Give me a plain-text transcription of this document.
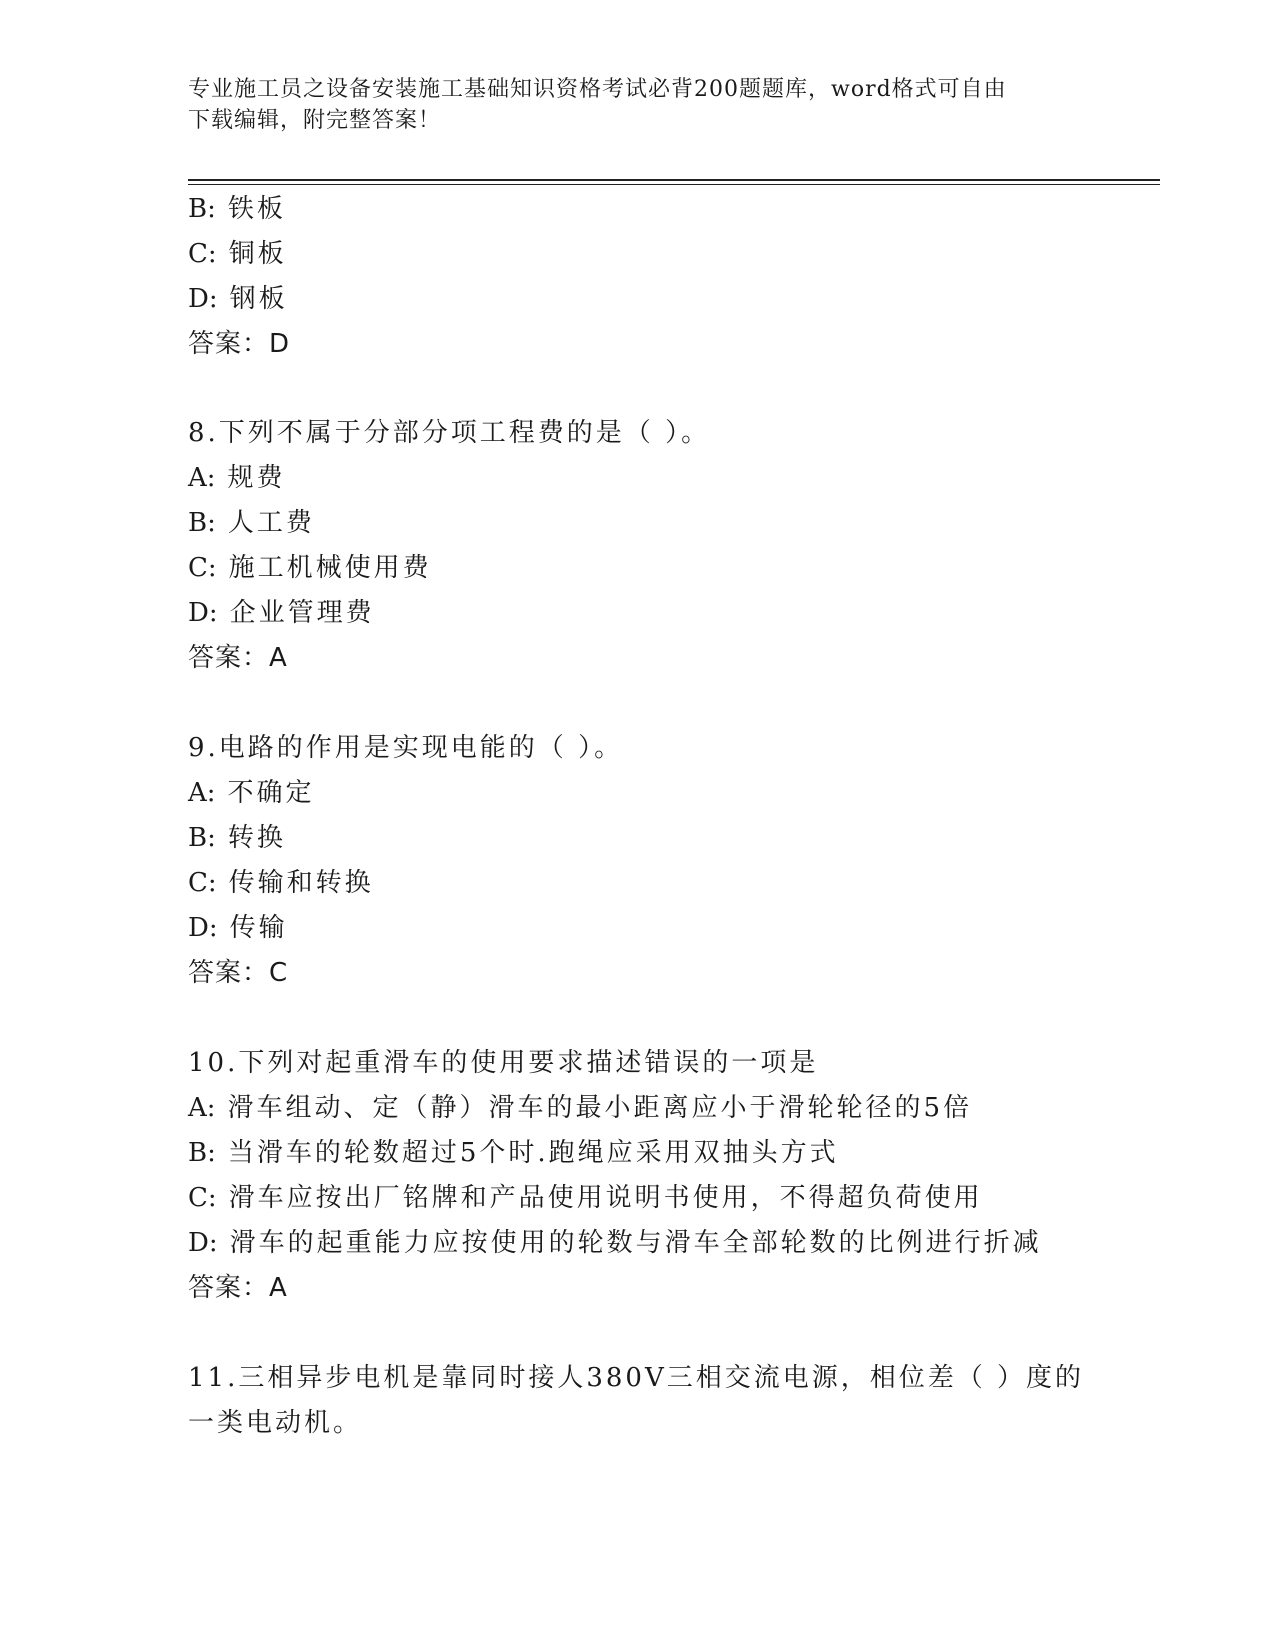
专业施工员之设备安装施工基础知识资格考试必背200题题库，word格式可自由
下载编辑，附完整答案！
B: 铁板
C: 铜板
D: 钢板
答案：D
8.下列不属于分部分项工程费的是（ ）。
A: 规费
B: 人工费
C: 施工机械使用费
D: 企业管理费
答案：A
9.电路的作用是实现电能的（ ）。
A: 不确定
B: 转换
C: 传输和转换
D: 传输
答案：C
10.下列对起重滑车的使用要求描述错误的一项是
A: 滑车组动、定（静）滑车的最小距离应小于滑轮轮径的5倍
B: 当滑车的轮数超过5个时.跑绳应采用双抽头方式
C: 滑车应按出厂铭牌和产品使用说明书使用，不得超负荷使用
D: 滑车的起重能力应按使用的轮数与滑车全部轮数的比例进行折减
答案：A
11.三相异步电机是靠同时接人380V三相交流电源，相位差（ ）度的
一类电动机。
